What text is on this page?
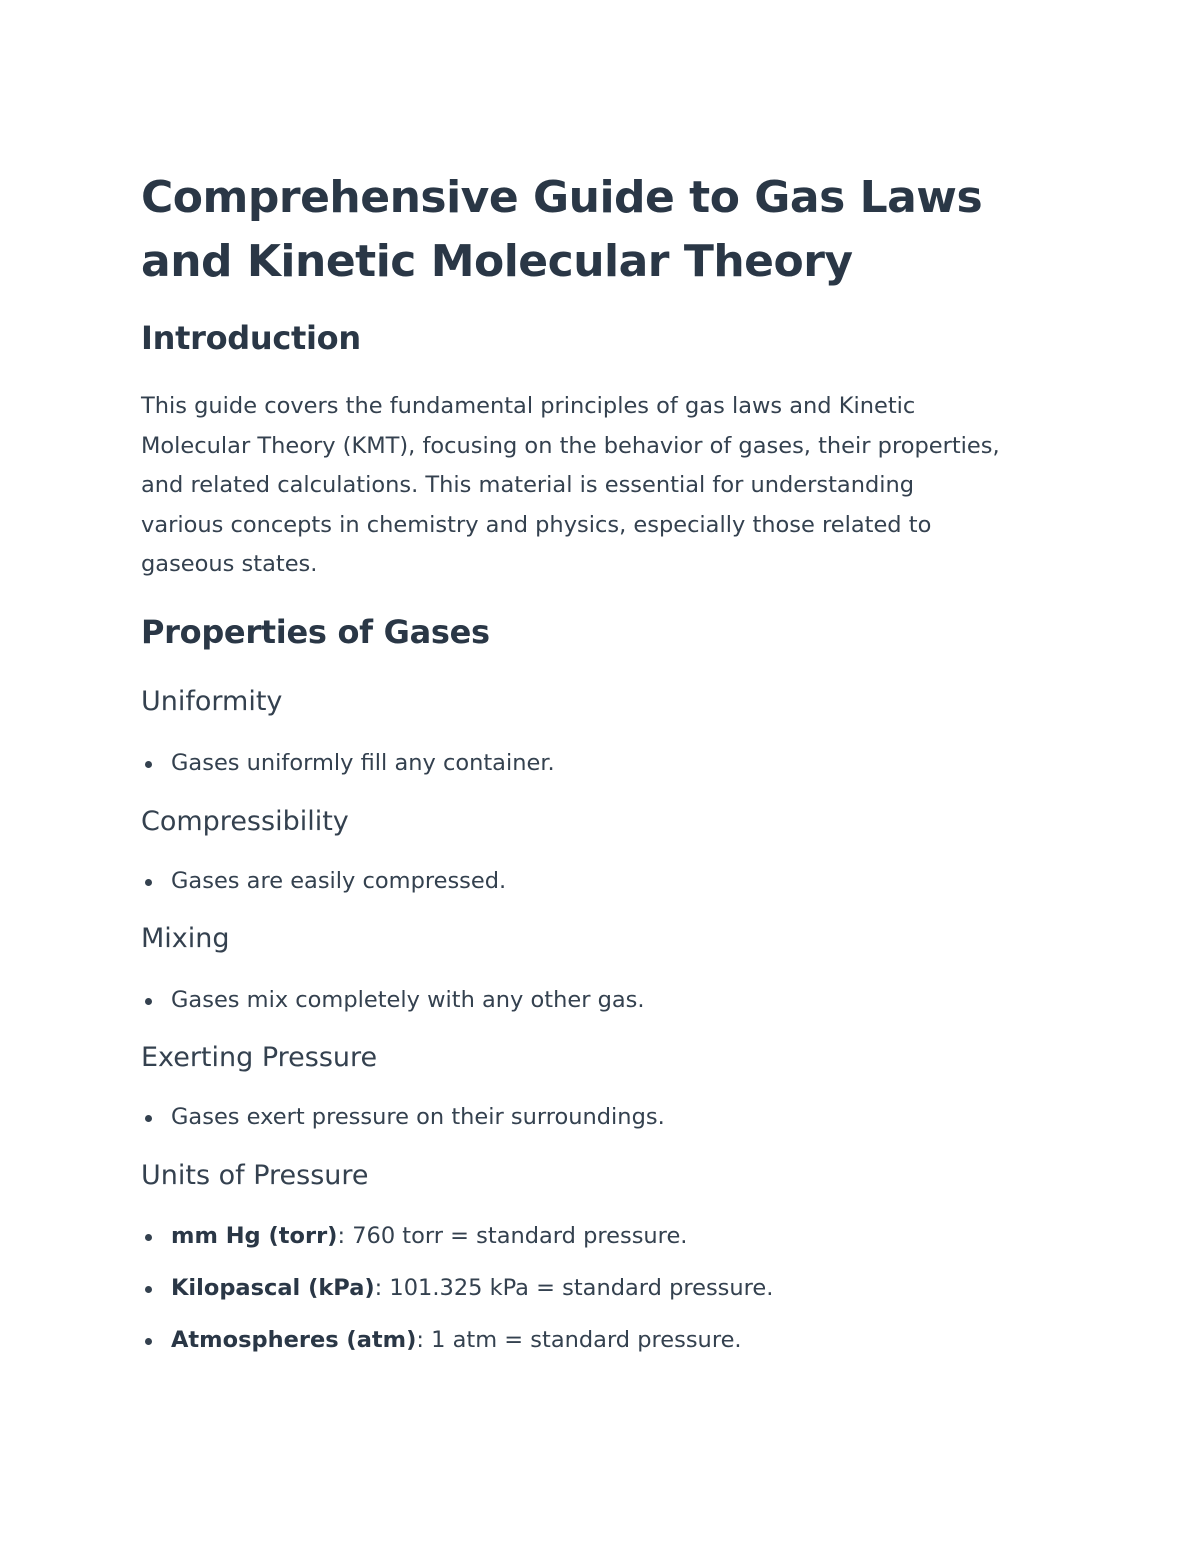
Comprehensive Guide to Gas Laws and Kinetic Molecular Theory
Introduction

This guide covers the fundamental principles of gas laws and Kinetic Molecular Theory (KMT), focusing on the behavior of gases, their properties, and related calculations. This material is essential for understanding various concepts in chemistry and physics, especially those related to gaseous states.

Properties of Gases
Uniformity
Gases uniformly fill any container.
Compressibility
Gases are easily compressed.
Mixing
Gases mix completely with any other gas.
Exerting Pressure
Gases exert pressure on their surroundings.
Units of Pressure
mm Hg (torr): 760 torr = standard pressure.
Kilopascal (kPa): 101.325 kPa = standard pressure.
Atmospheres (atm): 1 atm = standard pressure.
